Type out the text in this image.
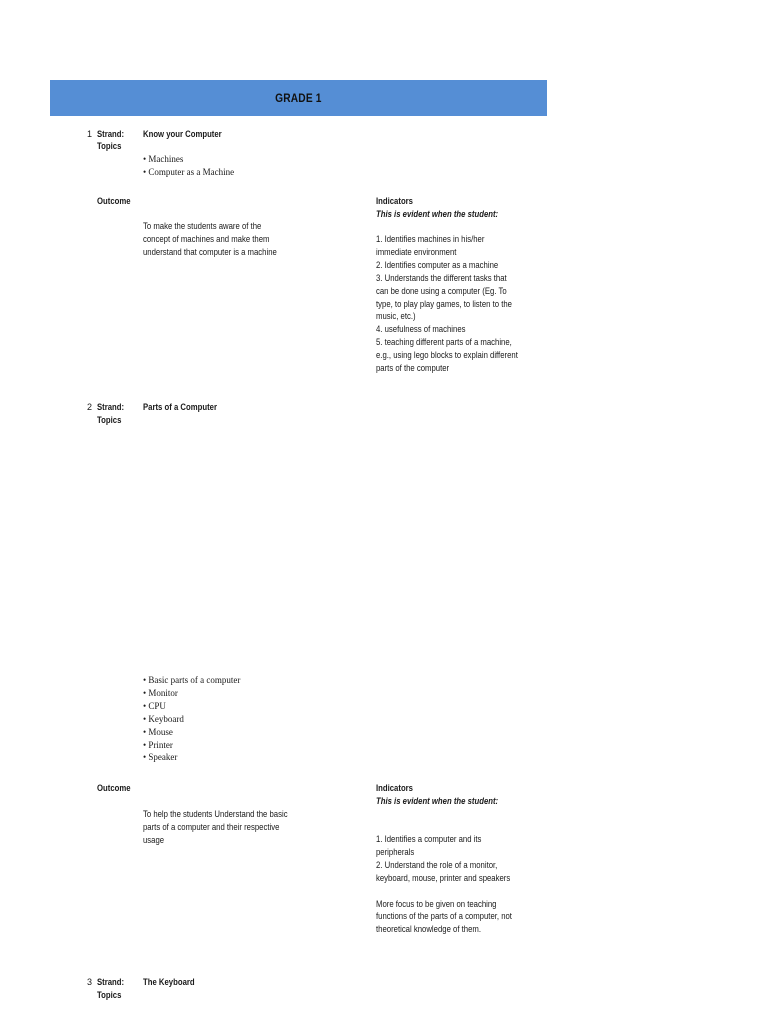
GRADE 1
1 Strand:
Topics
Know your Computer
• Machines
• Computer as a Machine
Outcome
To make the students aware of the
concept of machines and make them
understand that computer is a machine
Indicators
This is evident when the student:
1. Identifies machines in his/her
immediate environment
2. Identifies computer as a machine
3. Understands the different tasks that
can be done using a computer (Eg. To
type, to play play games, to listen to the
music, etc.)
4. usefulness of machines
5. teaching different parts of a machine,
e.g., using lego blocks to explain different
parts of the computer
2 Strand:
Topics
Parts of a Computer
• Basic parts of a computer
• Monitor
• CPU
• Keyboard
• Mouse
• Printer
• Speaker
Outcome
To help the students Understand the basic
parts of a computer and their respective
usage
Indicators
This is evident when the student:
1. Identifies a computer and its
peripherals
2. Understand the role of a monitor,
keyboard, mouse, printer and speakers
More focus to be given on teaching
functions of the parts of a computer, not
theoretical knowledge of them.
3 Strand:
Topics
The Keyboard
